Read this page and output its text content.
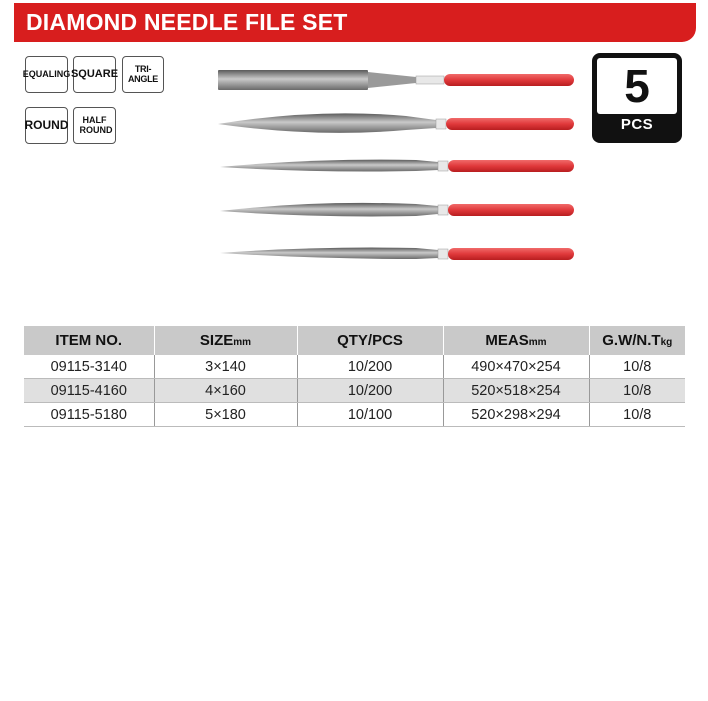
DIAMOND NEEDLE FILE SET
EQUALING SQUARE	TRI-ANGLE
ROUND	HALF ROUND
5
PCS
ITEM NO.	SIZEmm	QTY/PCS	MEASmm	G.W/N.Tkg
09115-3140	3×140	10/200	490×470×254	10/8
09115-4160	4×160	10/200	520×518×254	10/8
09115-5180	5×180	10/100	520×298×294	10/8
